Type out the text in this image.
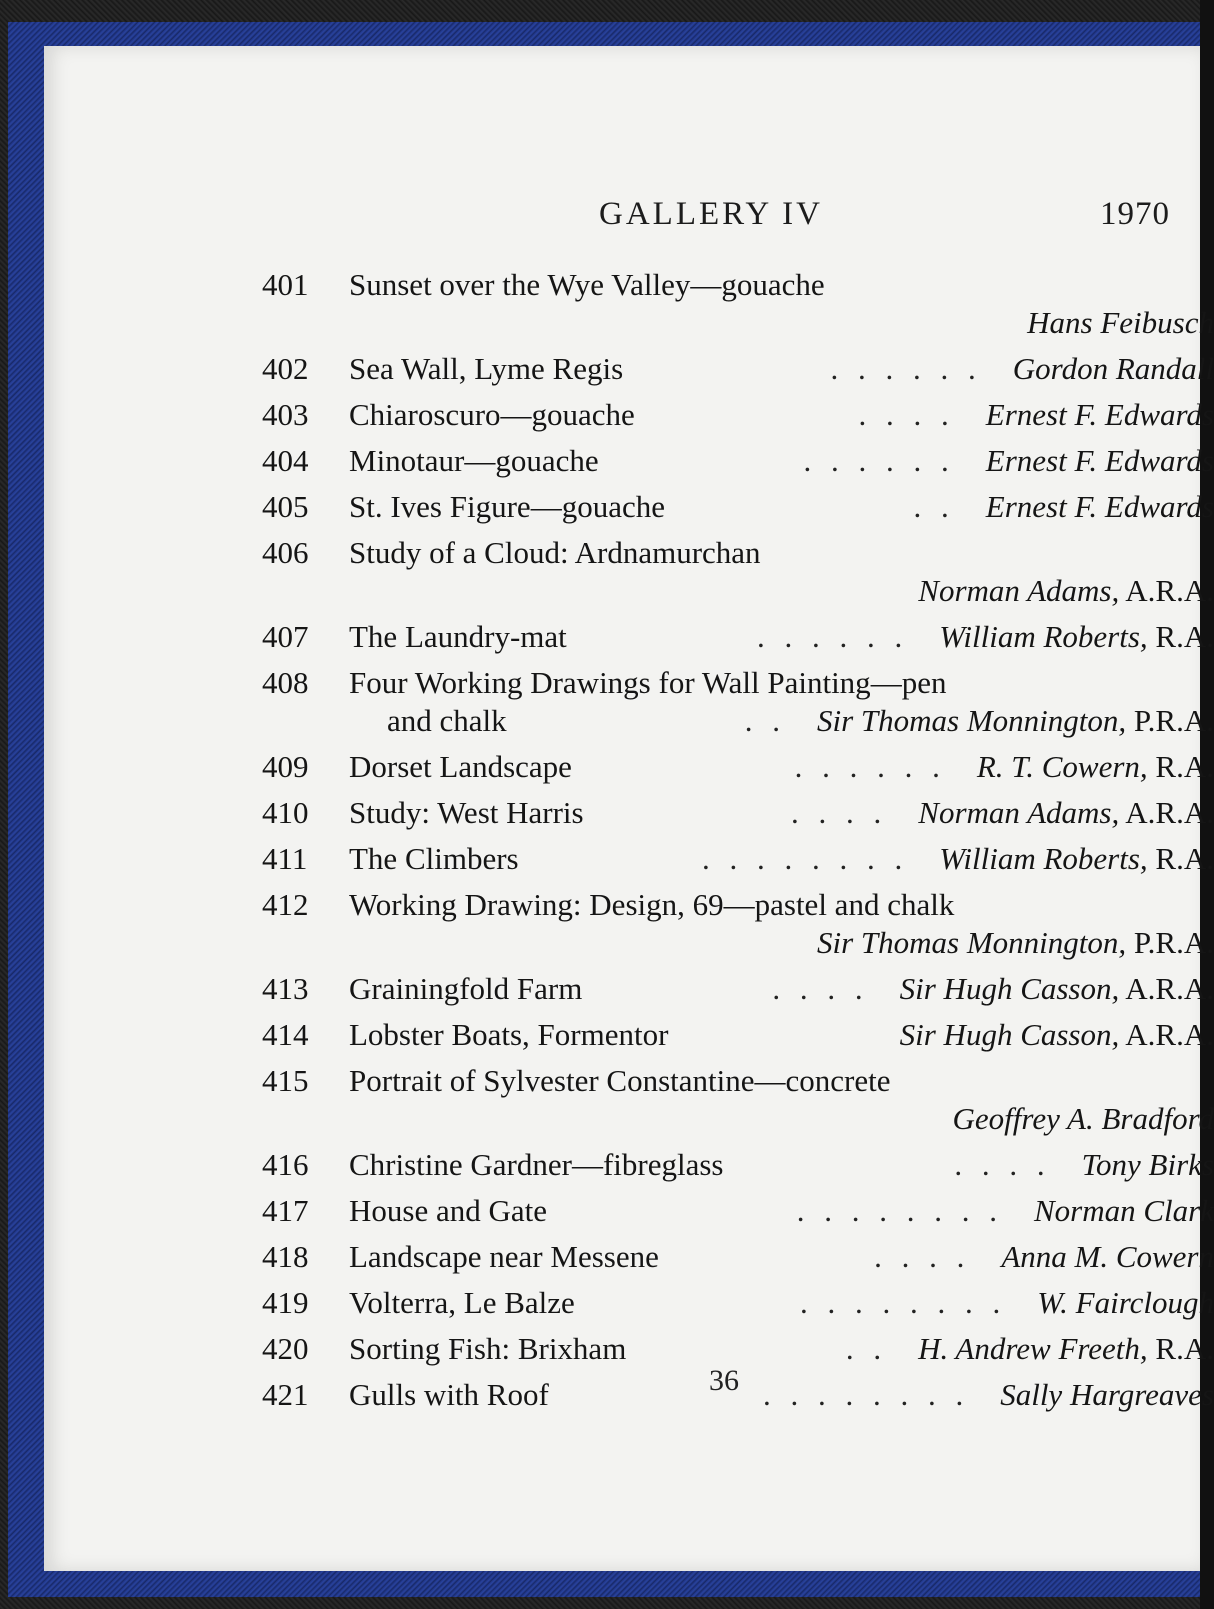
GALLERY IV	1970
401	Sunset over the Wye Valley—gouache
Hans Feibusch
402	Sea Wall, Lyme Regis	. . . . . .  Gordon Randall
403	Chiaroscuro—gouache	. . . .  Ernest F. Edwards
404	Minotaur—gouache	. . . . . .  Ernest F. Edwards
405	St. Ives Figure—gouache	. .  Ernest F. Edwards
406	Study of a Cloud: Ardnamurchan
Norman Adams, A.R.A.
407	The Laundry-mat	. . . . . .  William Roberts, R.A.
408	Four Working Drawings for Wall Painting—pen
and chalk	. .  Sir Thomas Monnington, P.R.A.
409	Dorset Landscape	. . . . . .  R. T. Cowern, R.A.
410	Study: West Harris	. . . .  Norman Adams, A.R.A.
411	The Climbers	. . . . . . . .  William Roberts, R.A.
412	Working Drawing: Design, 69—pastel and chalk
Sir Thomas Monnington, P.R.A.
413	Grainingfold Farm	. . . .  Sir Hugh Casson, A.R.A.
414	Lobster Boats, Formentor	Sir Hugh Casson, A.R.A.
415	Portrait of Sylvester Constantine—concrete
Geoffrey A. Bradford
416	Christine Gardner—fibreglass	. . . .  Tony Birks
417	House and Gate	. . . . . . . .  Norman Clark
418	Landscape near Messene	. . . .  Anna M. Cowern
419	Volterra, Le Balze	. . . . . . . .  W. Fairclough
420	Sorting Fish: Brixham	. .  H. Andrew Freeth, R.A.
421	Gulls with Roof	. . . . . . . .  Sally Hargreaves
36
